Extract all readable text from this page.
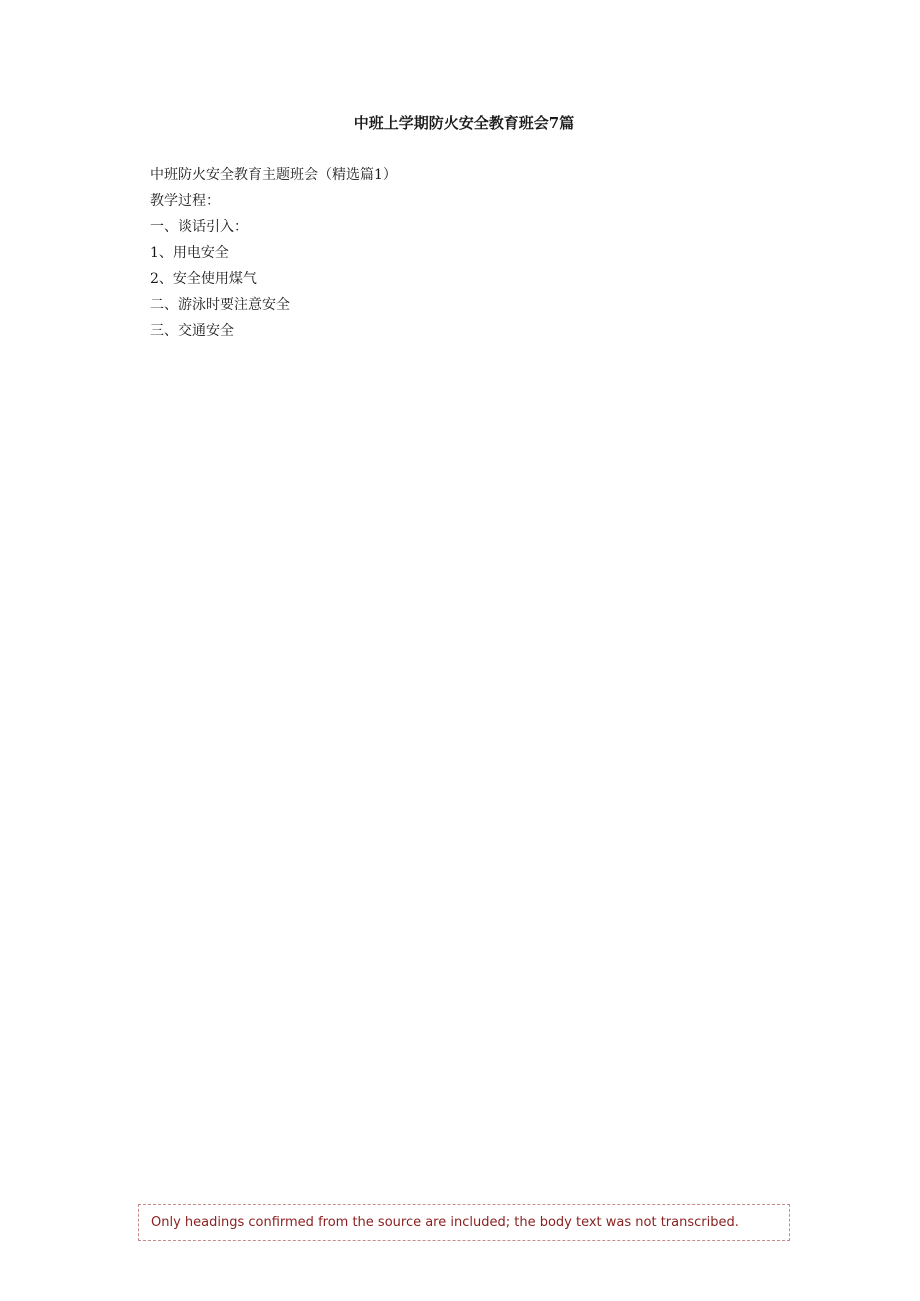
中班上学期防火安全教育班会7篇

中班防火安全教育主题班会（精选篇1）

教学过程：

一、谈话引入：

1、用电安全

2、安全使用煤气

二、游泳时要注意安全

三、交通安全

Only headings confirmed from the source are included; the body text was not transcribed.
